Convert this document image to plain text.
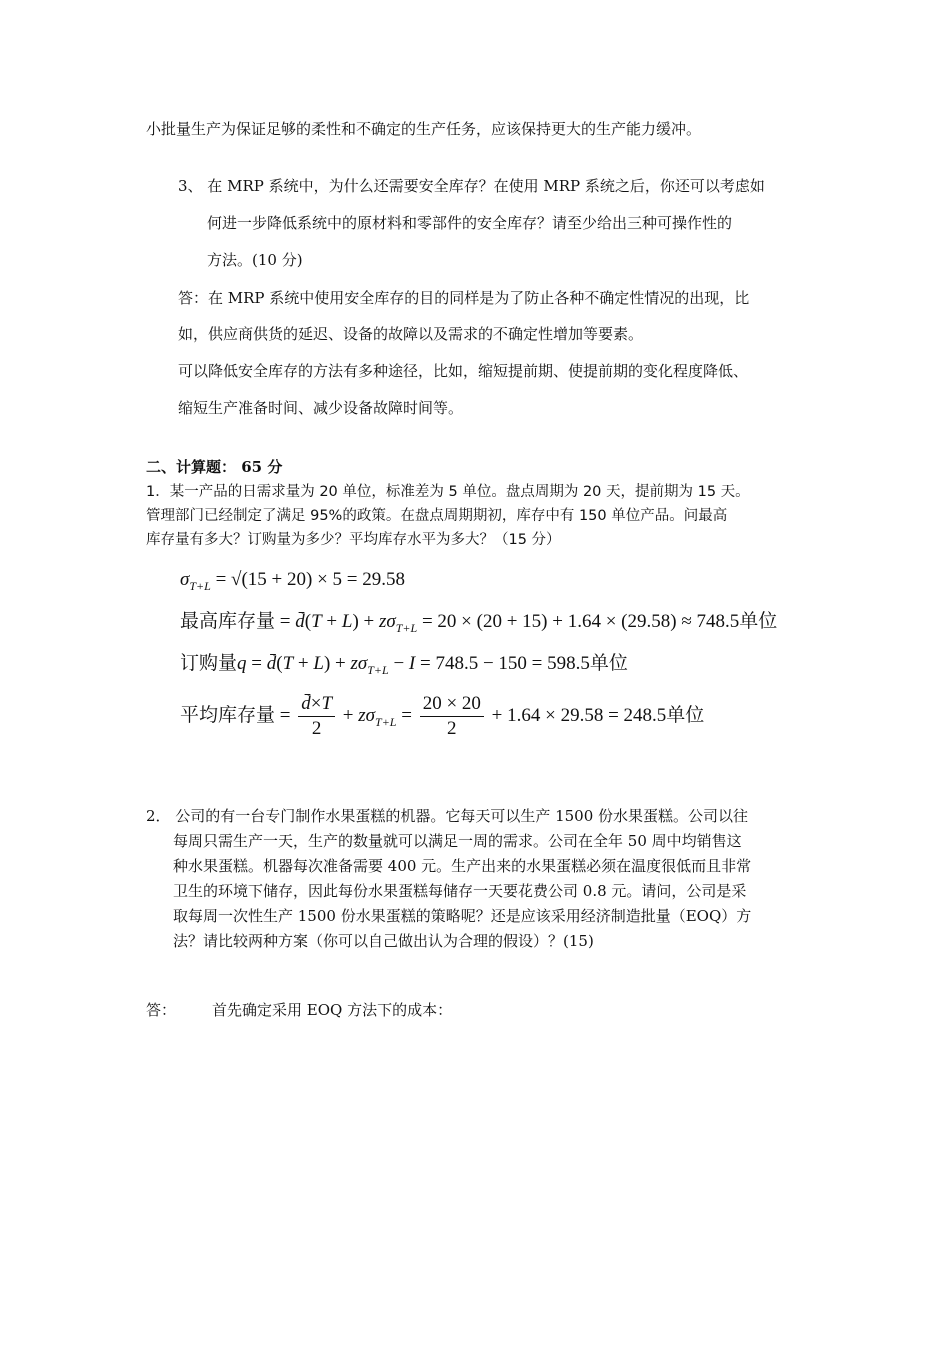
小批量生产为保证足够的柔性和不确定的生产任务，应该保持更大的生产能力缓冲。
3、 在 MRP 系统中，为什么还需要安全库存？在使用 MRP 系统之后，你还可以考虑如
何进一步降低系统中的原材料和零部件的安全库存？请至少给出三种可操作性的
方法。(10 分)
答：在 MRP 系统中使用安全库存的目的同样是为了防止各种不确定性情况的出现，比
如，供应商供货的延迟、设备的故障以及需求的不确定性增加等要素。
可以降低安全库存的方法有多种途径，比如，缩短提前期、使提前期的变化程度降低、
缩短生产准备时间、减少设备故障时间等。
二、计算题： 65 分
1．某一产品的日需求量为 20 单位，标准差为 5 单位。盘点周期为 20 天，提前期为 15 天。
管理部门已经制定了满足 95%的政策。在盘点周期期初，库存中有 150 单位产品。问最高
库存量有多大？订购量为多少？平均库存水平为多大？（15 分）
$\sigma_{T+L} = √(15 + 20) \times 5 = 29.58$
最高库存量 = d̄(T + $L) + z\sigma_{T+L} = 20 \times (20 + 15) + 1.64 \times (29.58) \approx 748.5$单位
订购量q = d̄(T + $L) + z\sigma_{T+L} - I = 748.5 - 150 = 598.5$单位
平均库存量 = $\frac{d̄\times T}{2} + z\sigma_{T+L} = \frac{20 \times 20}{2} + 1.64 \times 29.58 = 248.5$单位
2． 公司的有一台专门制作水果蛋糕的机器。它每天可以生产 1500 份水果蛋糕。公司以往
每周只需生产一天，生产的数量就可以满足一周的需求。公司在全年 50 周中均销售这
种水果蛋糕。机器每次准备需要 400 元。生产出来的水果蛋糕必须在温度很低而且非常
卫生的环境下储存，因此每份水果蛋糕每储存一天要花费公司 0.8 元。请问，公司是采
取每周一次性生产 1500 份水果蛋糕的策略呢？还是应该采用经济制造批量（EOQ）方
法？请比较两种方案（你可以自己做出认为合理的假设）？(15)
答： 首先确定采用 EOQ 方法下的成本：
